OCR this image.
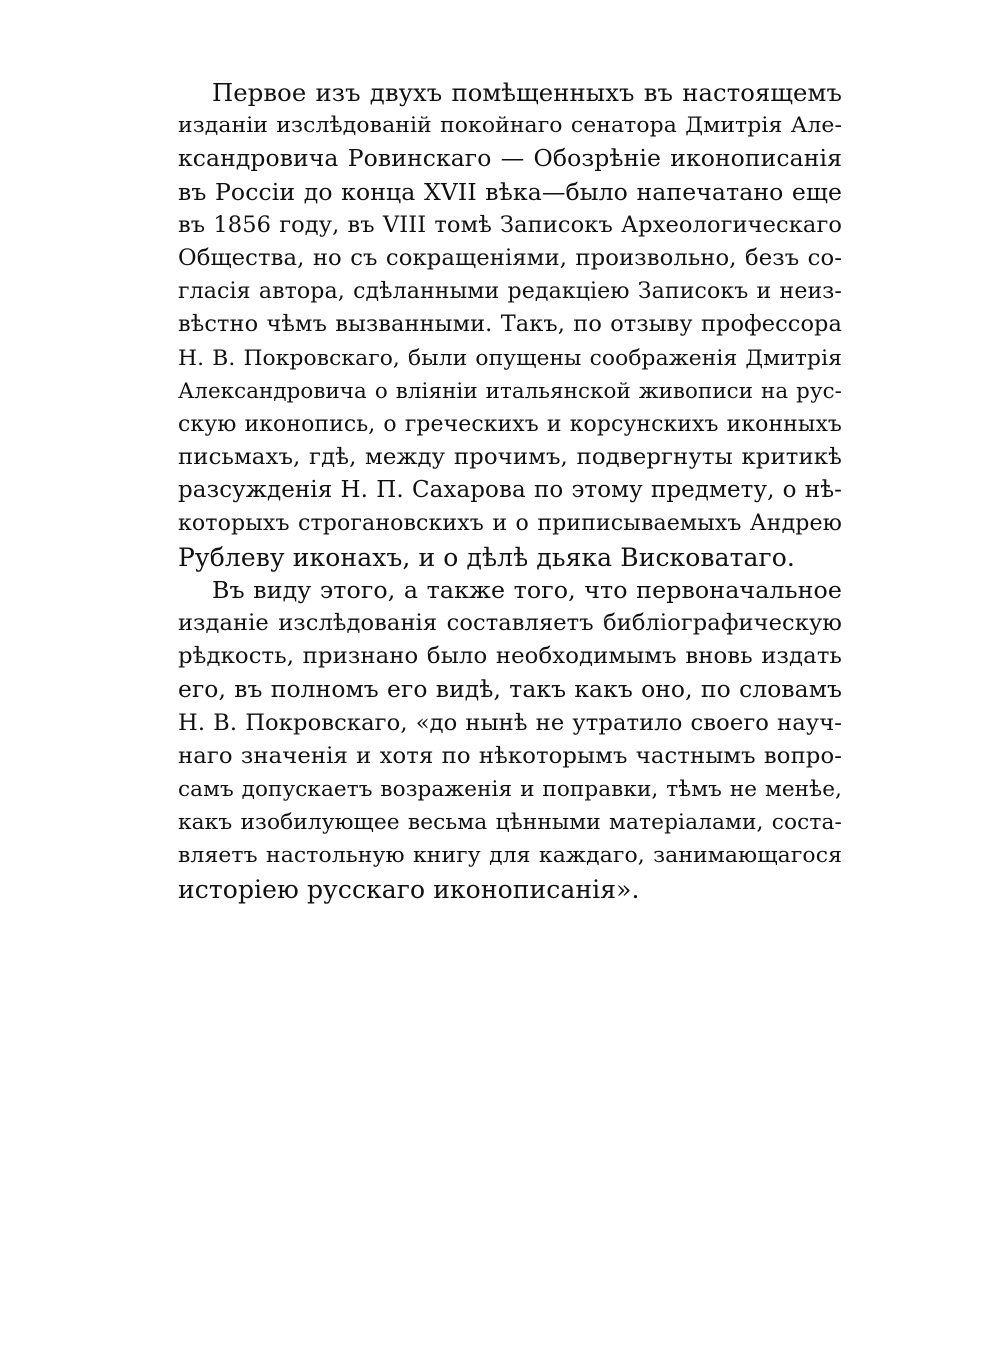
Первое изъ двухъ помѣщенныхъ въ настоящемъ
изданіи изслѣдованій покойнаго сенатора Дмитрія Але-
ксандровича Ровинскаго — Обозрѣніе иконописанія
въ Россіи до конца XVII вѣка—было напечатано еще
въ 1856 году, въ VIII томѣ Записокъ Археологическаго
Общества, но съ сокращеніями, произвольно, безъ со-
гласія автора, сдѣланными редакціею Записокъ и неиз-
вѣстно чѣмъ вызванными. Такъ, по отзыву профессора
Н. В. Покровскаго, были опущены соображенія Дмитрія
Александровича о вліяніи итальянской живописи на рус-
скую иконопись, о греческихъ и корсунскихъ иконныхъ
письмахъ, гдѣ, между прочимъ, подвергнуты критикѣ
разсужденія Н. П. Сахарова по этому предмету, о нѣ-
которыхъ строгановскихъ и о приписываемыхъ Андрею
Рублеву иконахъ, и о дѣлѣ дьяка Висковатаго.

Въ виду этого, а также того, что первоначальное
изданіе изслѣдованія составляетъ библіографическую
рѣдкость, признано было необходимымъ вновь издать
его, въ полномъ его видѣ, такъ какъ оно, по словамъ
Н. В. Покровскаго, «до нынѣ не утратило своего науч-
наго значенія и хотя по нѣкоторымъ частнымъ вопро-
самъ допускаетъ возраженія и поправки, тѣмъ не менѣе,
какъ изобилующее весьма цѣнными матеріалами, соста-
вляетъ настольную книгу для каждаго, занимающагося
исторіею русскаго иконописанія».
